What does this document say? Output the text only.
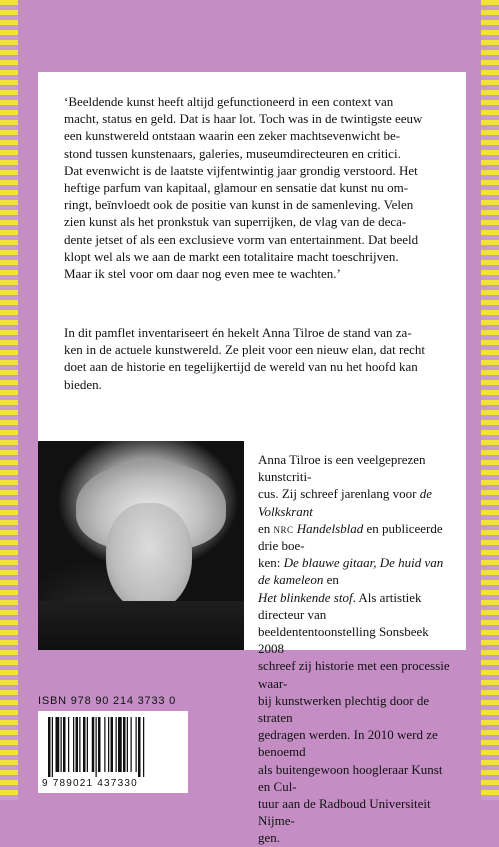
‘Beeldende kunst heeft altijd gefunctioneerd in een context van
macht, status en geld. Dat is haar lot. Toch was in de twintigste eeuw
een kunstwereld ontstaan waarin een zeker machtsevenwicht be-
stond tussen kunstenaars, galeries, museumdirecteuren en critici.
Dat evenwicht is de laatste vijfentwintig jaar grondig verstoord. Het
heftige parfum van kapitaal, glamour en sensatie dat kunst nu om-
ringt, beïnvloedt ook de positie van kunst in de samenleving. Velen
zien kunst als het pronkstuk van superrijken, de vlag van de deca-
dente jetset of als een exclusieve vorm van entertainment. Dat beeld
klopt wel als we aan de markt een totalitaire macht toeschrijven.
Maar ik stel voor om daar nog even mee te wachten.’

In dit pamflet inventariseert én hekelt Anna Tilroe de stand van za-
ken in de actuele kunstwereld. Ze pleit voor een nieuw elan, dat recht
doet aan de historie en tegelijkertijd de wereld van nu het hoofd kan
bieden.

Anna Tilroe is een veelgeprezen kunstcriti-
cus. Zij schreef jarenlang voor de Volkskrant
en nrc Handelsblad en publiceerde drie boe-
ken: De blauwe gitaar, De huid van de kameleon en
Het blinkende stof. Als artistiek directeur van
beeldententoonstelling Sonsbeek 2008
schreef zij historie met een processie waar-
bij kunstwerken plechtig door de straten
gedragen werden. In 2010 werd ze benoemd
als buitengewoon hoogleraar Kunst en Cul-
tuur aan de Radboud Universiteit Nijme-
gen.

ISBN 978 90 214 3733 0
9 789021 437330
